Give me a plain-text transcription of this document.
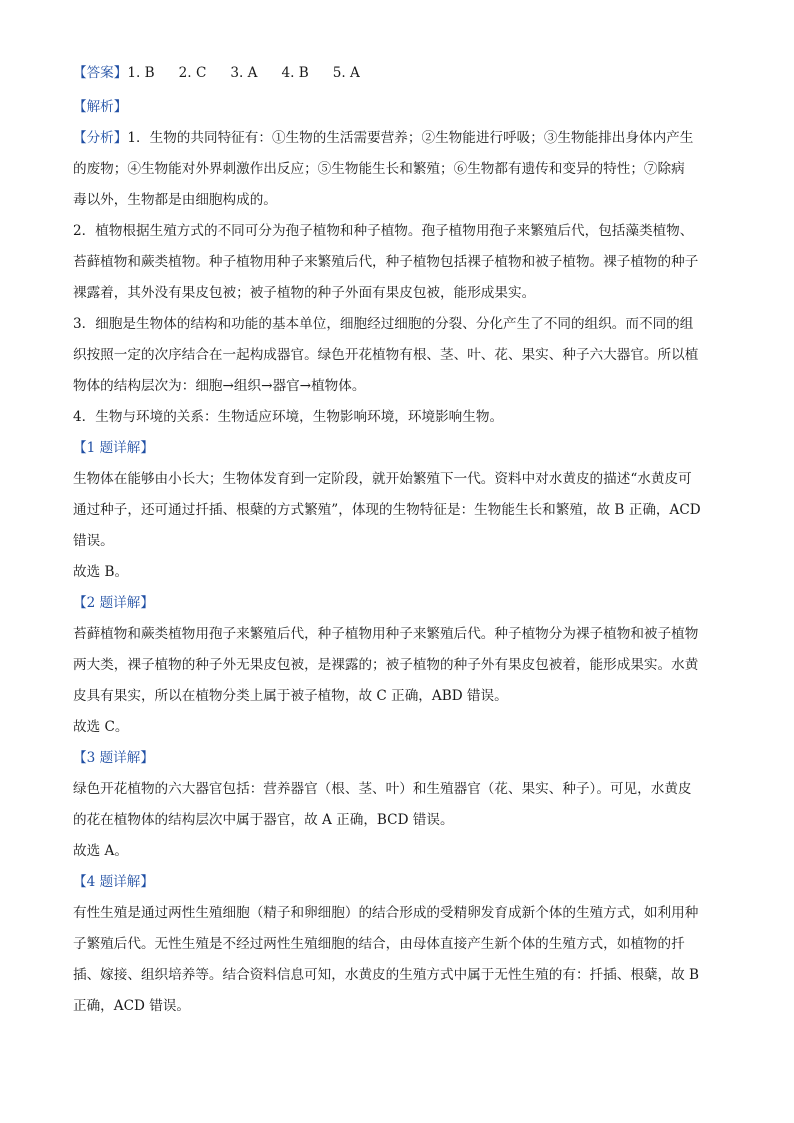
【答案】1. B 2. C 3. A 4. B 5. A
【解析】

【分析】1．生物的共同特征有：①生物的生活需要营养；②生物能进行呼吸；③生物能排出身体内产生

的废物；④生物能对外界刺激作出反应；⑤生物能生长和繁殖；⑥生物都有遗传和变异的特性；⑦除病

毒以外，生物都是由细胞构成的。

2．植物根据生殖方式的不同可分为孢子植物和种子植物。孢子植物用孢子来繁殖后代，包括藻类植物、

苔藓植物和蕨类植物。种子植物用种子来繁殖后代，种子植物包括裸子植物和被子植物。裸子植物的种子

裸露着，其外没有果皮包被；被子植物的种子外面有果皮包被，能形成果实。

3．细胞是生物体的结构和功能的基本单位，细胞经过细胞的分裂、分化产生了不同的组织。而不同的组

织按照一定的次序结合在一起构成器官。绿色开花植物有根、茎、叶、花、果实、种子六大器官。所以植

物体的结构层次为：细胞→组织→器官→植物体。

4．生物与环境的关系：生物适应环境，生物影响环境，环境影响生物。

【1 题详解】

生物体在能够由小长大；生物体发育到一定阶段，就开始繁殖下一代。资料中对水黄皮的描述“水黄皮可

通过种子，还可通过扦插、根蘖的方式繁殖”，体现的生物特征是：生物能生长和繁殖，故 B 正确，ACD

错误。

故选 B。

【2 题详解】

苔藓植物和蕨类植物用孢子来繁殖后代，种子植物用种子来繁殖后代。种子植物分为裸子植物和被子植物

两大类，裸子植物的种子外无果皮包被，是裸露的；被子植物的种子外有果皮包被着，能形成果实。水黄

皮具有果实，所以在植物分类上属于被子植物，故 C 正确，ABD 错误。

故选 C。

【3 题详解】

绿色开花植物的六大器官包括：营养器官（根、茎、叶）和生殖器官（花、果实、种子）。可见，水黄皮

的花在植物体的结构层次中属于器官，故 A 正确，BCD 错误。

故选 A。

【4 题详解】

有性生殖是通过两性生殖细胞（精子和卵细胞）的结合形成的受精卵发育成新个体的生殖方式，如利用种

子繁殖后代。无性生殖是不经过两性生殖细胞的结合，由母体直接产生新个体的生殖方式，如植物的扦

插、嫁接、组织培养等。结合资料信息可知，水黄皮的生殖方式中属于无性生殖的有：扦插、根蘖，故 B

正确，ACD 错误。
